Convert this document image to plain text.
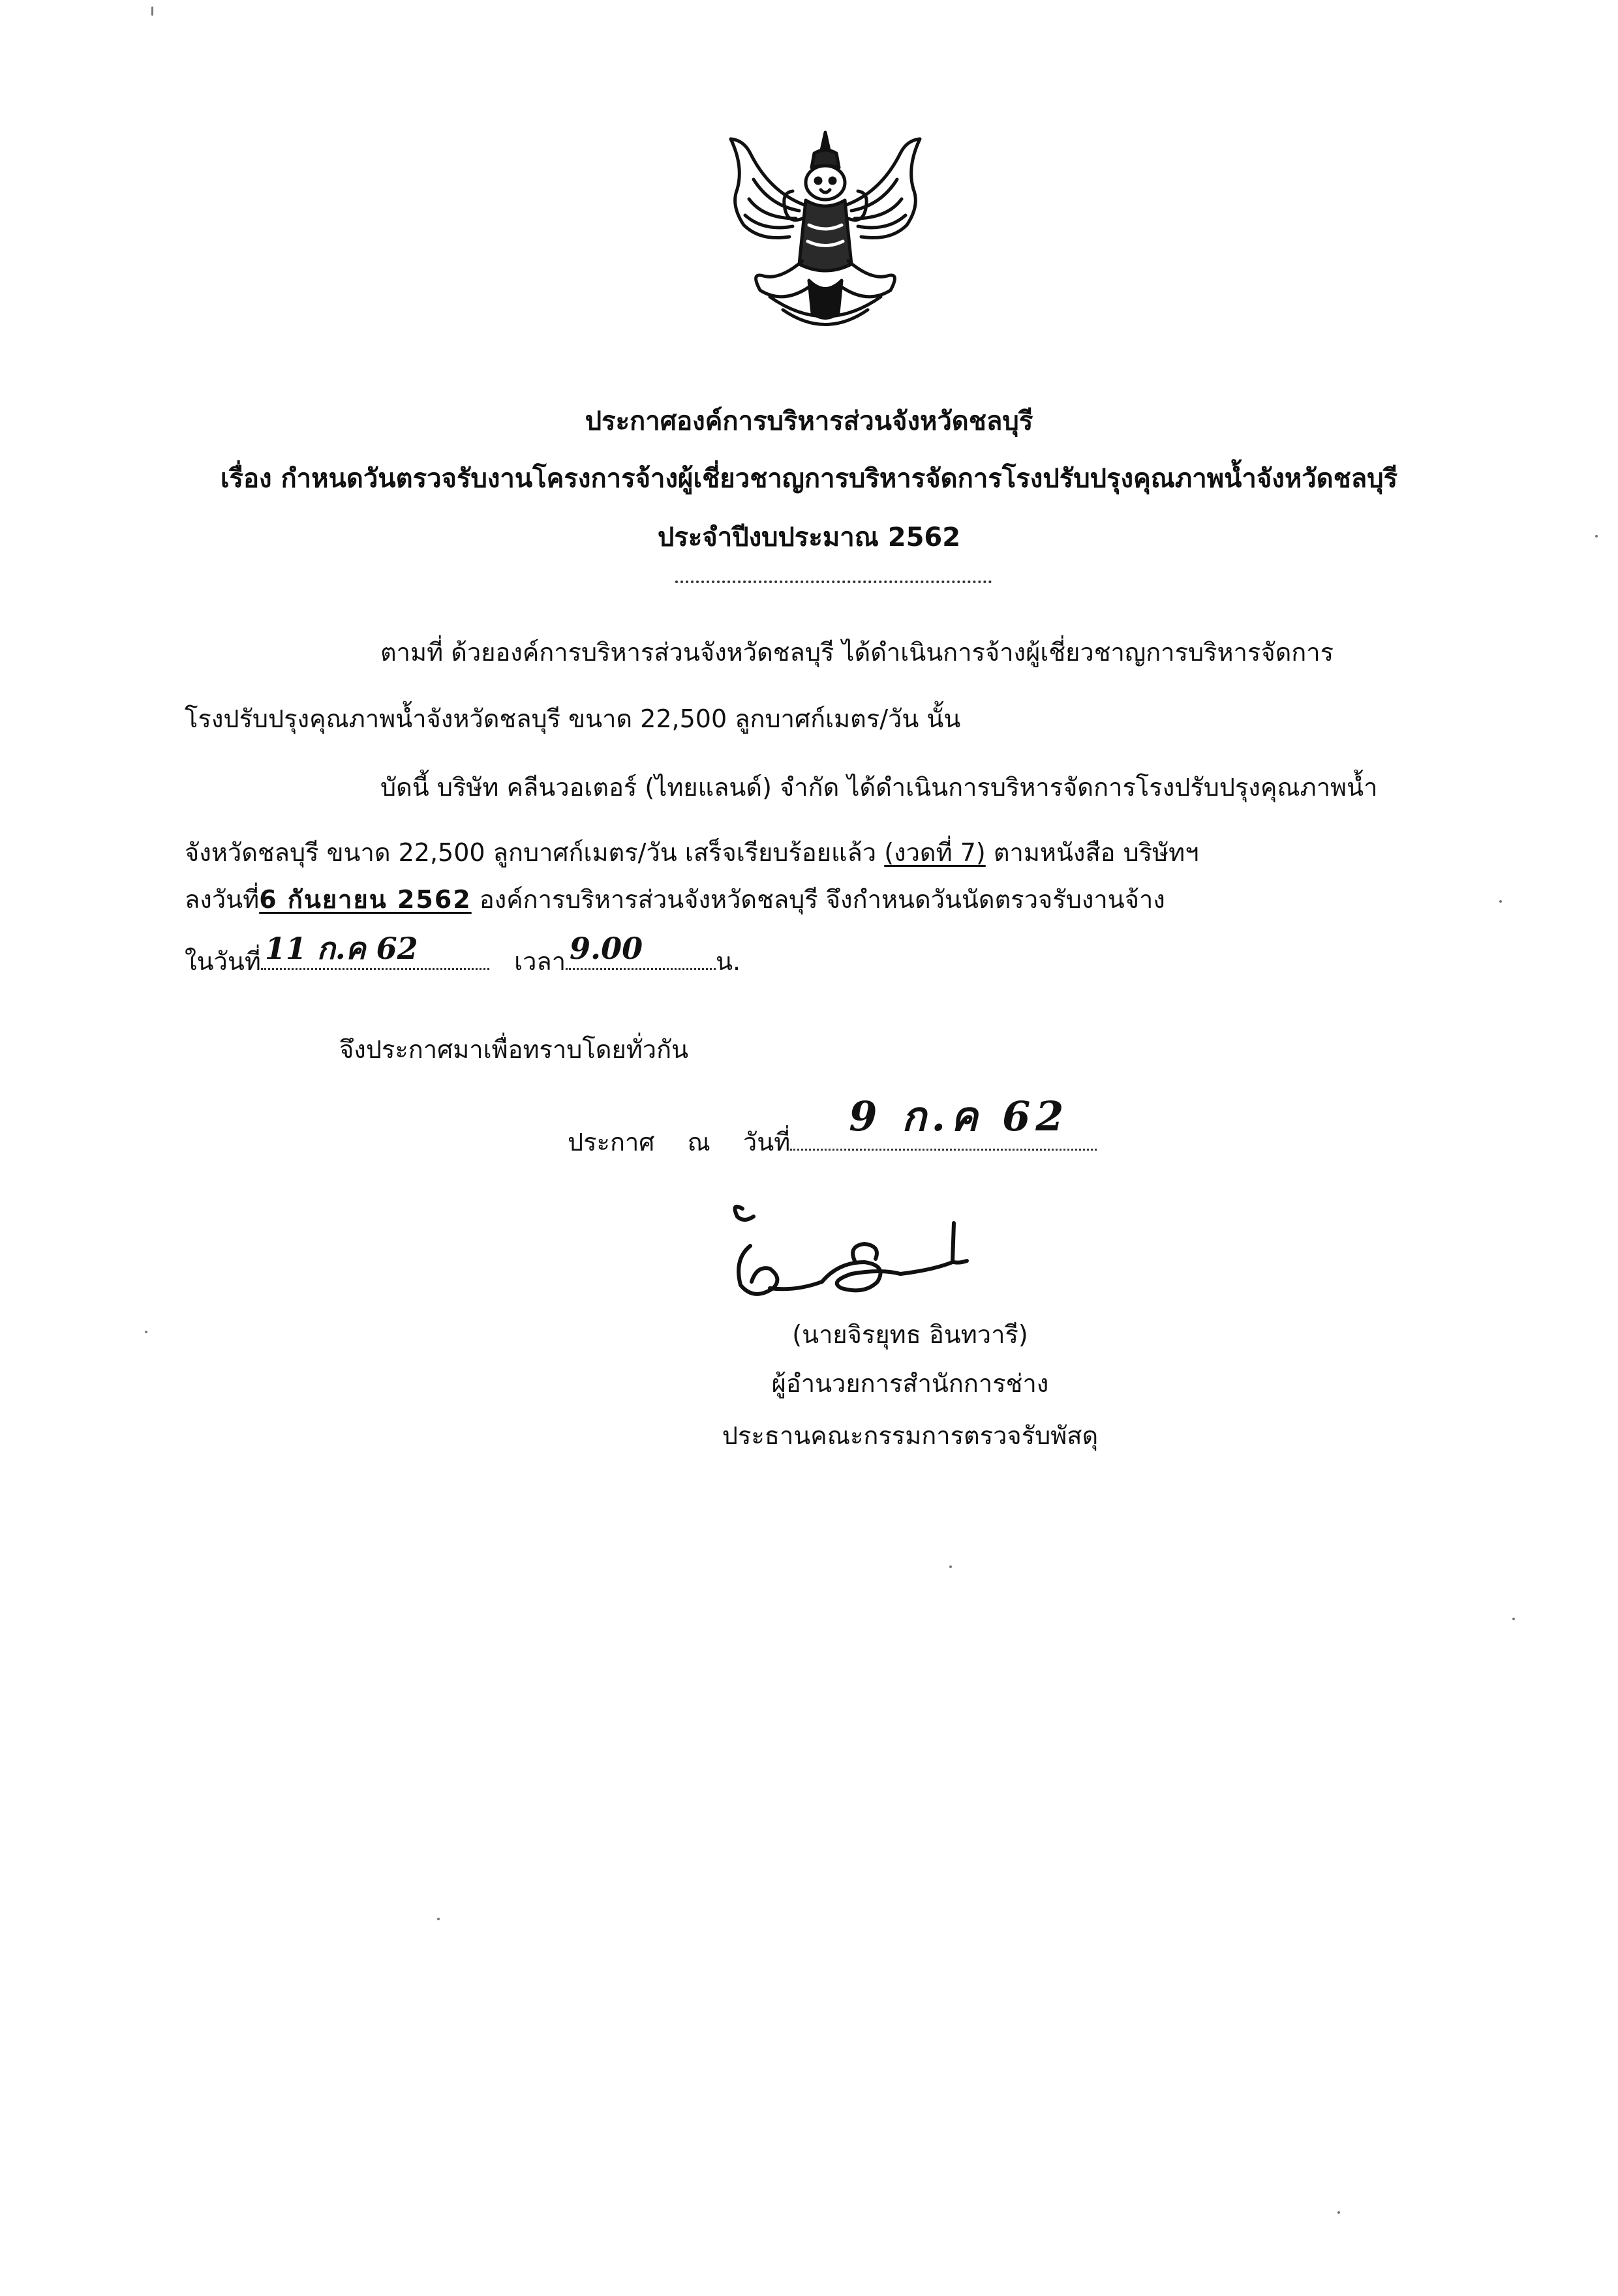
ประกาศองค์การบริหารส่วนจังหวัดชลบุรี
เรื่อง กำหนดวันตรวจรับงานโครงการจ้างผู้เชี่ยวชาญการบริหารจัดการโรงปรับปรุงคุณภาพน้ำจังหวัดชลบุรี
ประจำปีงบประมาณ 2562
ตามที่ ด้วยองค์การบริหารส่วนจังหวัดชลบุรี ได้ดำเนินการจ้างผู้เชี่ยวชาญการบริหารจัดการ
โรงปรับปรุงคุณภาพน้ำจังหวัดชลบุรี ขนาด 22,500 ลูกบาศก์เมตร/วัน นั้น
บัดนี้ บริษัท คลีนวอเตอร์ (ไทยแลนด์) จำกัด ได้ดำเนินการบริหารจัดการโรงปรับปรุงคุณภาพน้ำ
จังหวัดชลบุรี ขนาด 22,500 ลูกบาศก์เมตร/วัน เสร็จเรียบร้อยแล้ว (งวดที่ 7) ตามหนังสือ บริษัทฯ
ลงวันที่6 กันยายน 2562 องค์การบริหารส่วนจังหวัดชลบุรี จึงกำหนดวันนัดตรวจรับงานจ้าง
ในวันที่ 11 ก.ค 62	เวลา 9.00	น.
จึงประกาศมาเพื่อทราบโดยทั่วกัน
ประกาศ ณ วันที่
9 ก.ค 62
(นายจิรยุทธ อินทวารี)
ผู้อำนวยการสำนักการช่าง
ประธานคณะกรรมการตรวจรับพัสดุ
